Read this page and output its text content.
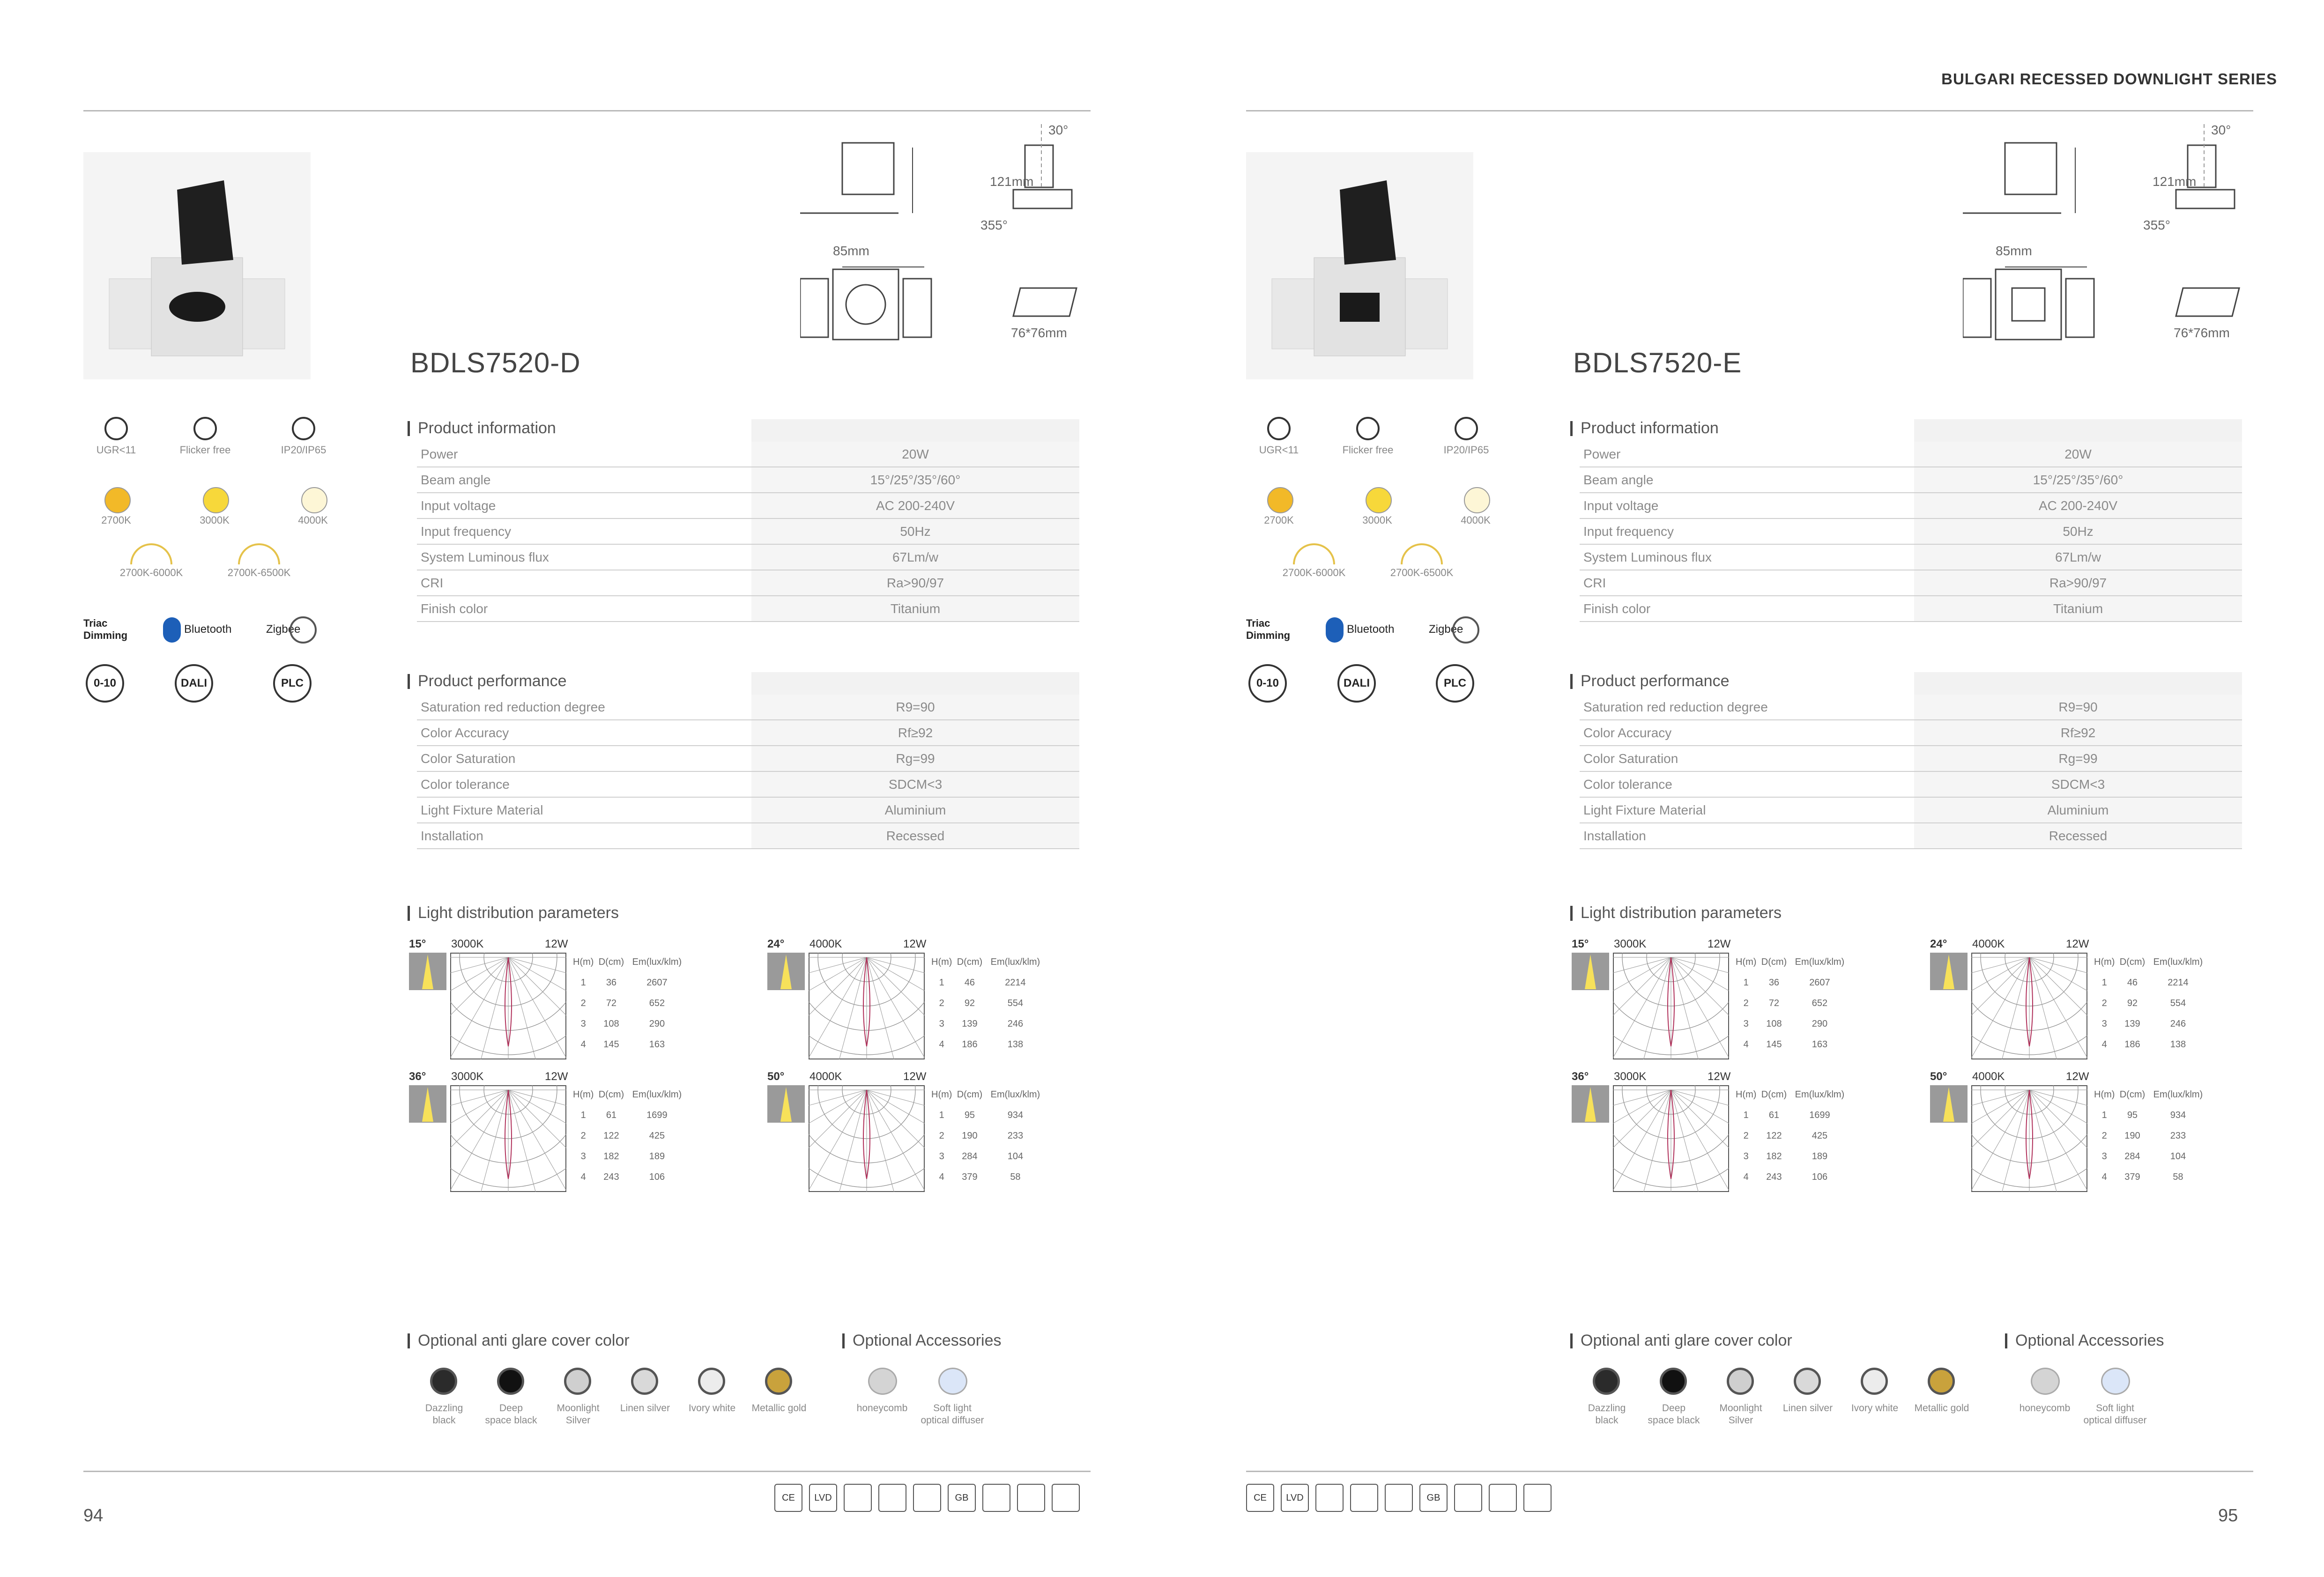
BULGARI RECESSED DOWNLIGHT SERIES
94
BDLS7520-D
121mm
30°
355°
85mm
76*76mm
UGR<11	Flicker free	IP20/IP65
2700K	3000K	4000K
2700K-6000K	2700K-6500K
Triac
Dimming	Bluetooth	Zigbee
0-10	DALI	PLC
Product information

Power	20W
Beam angle	15°/25°/35°/60°
Input voltage	AC 200-240V
Input frequency	50Hz
System Luminous flux	67Lm/w
CRI	Ra>90/97
Finish color	Titanium
Product performance

Saturation red reduction degree	R9=90
Color Accuracy	Rf≥92
Color Saturation	Rg=99
Color tolerance	SDCM<3
Light Fixture Material	Aluminium
Installation	Recessed
Light distribution parameters
15° 3000K	12W
H(m)	D(cm)	Em(lux/klm)
1	36	2607
2	72	652
3	108	290
4	145	163
24° 4000K	12W
H(m)	D(cm)	Em(lux/klm)
1	46	2214
2	92	554
3	139	246
4	186	138
36° 3000K	12W
H(m)	D(cm)	Em(lux/klm)
1	61	1699
2	122	425
3	182	189
4	243	106
50° 4000K	12W
H(m)	D(cm)	Em(lux/klm)
1	95	934
2	190	233
3	284	104
4	379	58
Optional anti glare cover color
Dazzling
black
Deep
space black
Moonlight
Silver
Linen silver	Ivory white	Metallic gold
Optional Accessories
honeycomb	Soft light
optical diffuser
CE	LVD	GB
95
BDLS7520-E
121mm
30°
355°
85mm
76*76mm
UGR<11	Flicker free	IP20/IP65
2700K	3000K	4000K
2700K-6000K	2700K-6500K
Triac
Dimming	Bluetooth	Zigbee
0-10	DALI	PLC
Product information

Power	20W
Beam angle	15°/25°/35°/60°
Input voltage	AC 200-240V
Input frequency	50Hz
System Luminous flux	67Lm/w
CRI	Ra>90/97
Finish color	Titanium
Product performance

Saturation red reduction degree	R9=90
Color Accuracy	Rf≥92
Color Saturation	Rg=99
Color tolerance	SDCM<3
Light Fixture Material	Aluminium
Installation	Recessed
Light distribution parameters
15° 3000K	12W
H(m)	D(cm)	Em(lux/klm)
1	36	2607
2	72	652
3	108	290
4	145	163
24° 4000K	12W
H(m)	D(cm)	Em(lux/klm)
1	46	2214
2	92	554
3	139	246
4	186	138
36° 3000K	12W
H(m)	D(cm)	Em(lux/klm)
1	61	1699
2	122	425
3	182	189
4	243	106
50° 4000K	12W
H(m)	D(cm)	Em(lux/klm)
1	95	934
2	190	233
3	284	104
4	379	58
Optional anti glare cover color
Dazzling
black
Deep
space black
Moonlight
Silver
Linen silver	Ivory white	Metallic gold
Optional Accessories
honeycomb	Soft light
optical diffuser
CE	LVD	GB
